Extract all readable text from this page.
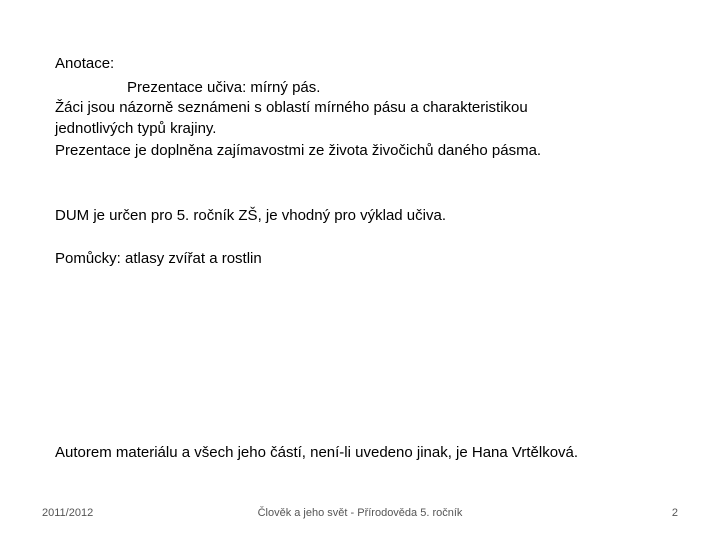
Anotace:
Prezentace učiva: mírný pás.
Žáci jsou názorně seznámeni s oblastí mírného pásu a charakteristikou
jednotlivých typů krajiny.
Prezentace je doplněna zajímavostmi ze života živočichů daného pásma.
DUM je určen pro 5. ročník ZŠ, je vhodný pro výklad učiva.
Pomůcky: atlasy zvířat a rostlin
Autorem materiálu a všech jeho částí, není-li uvedeno jinak, je Hana Vrtělková.
2011/2012	Člověk a jeho svět - Přírodověda 5. ročník	2
